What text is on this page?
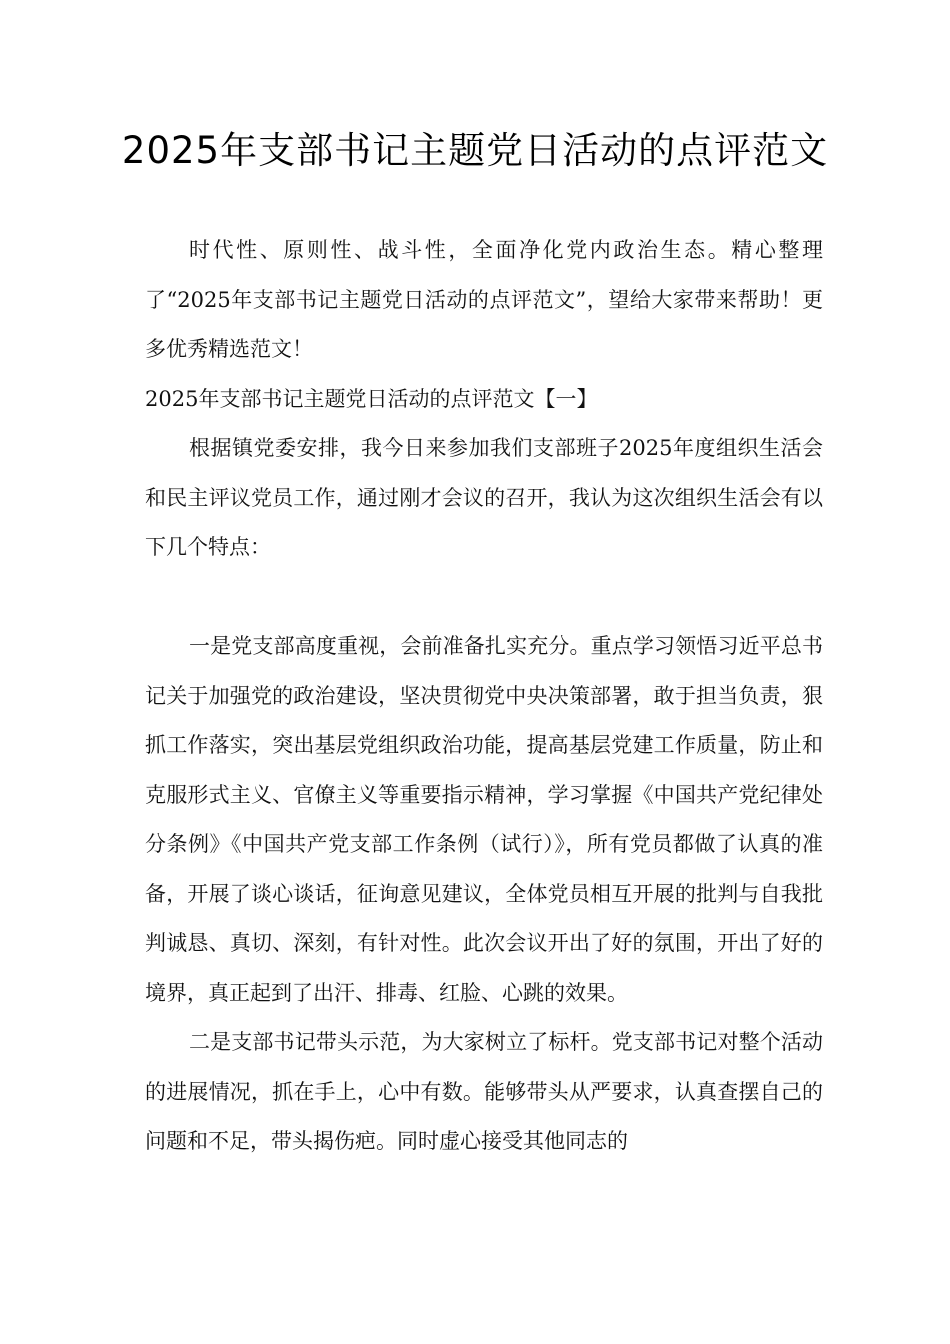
2025年支部书记主题党日活动的点评范文

时代性、原则性、战斗性，全面净化党内政治生态。精心整理了“2025年支部书记主题党日活动的点评范文”，望给大家带来帮助！更多优秀精选范文！

2025年支部书记主题党日活动的点评范文【一】

根据镇党委安排，我今日来参加我们支部班子2025年度组织生活会和民主评议党员工作，通过刚才会议的召开，我认为这次组织生活会有以下几个特点：

一是党支部高度重视，会前准备扎实充分。重点学习领悟习近平总书记关于加强党的政治建设，坚决贯彻党中央决策部署，敢于担当负责，狠抓工作落实，突出基层党组织政治功能，提高基层党建工作质量，防止和克服形式主义、官僚主义等重要指示精神，学习掌握《中国共产党纪律处分条例》《中国共产党支部工作条例（试行）》，所有党员都做了认真的准备，开展了谈心谈话，征询意见建议，全体党员相互开展的批判与自我批判诚恳、真切、深刻，有针对性。此次会议开出了好的氛围，开出了好的境界，真正起到了出汗、排毒、红脸、心跳的效果。

二是支部书记带头示范，为大家树立了标杆。党支部书记对整个活动的进展情况，抓在手上，心中有数。能够带头从严要求，认真查摆自己的问题和不足，带头揭伤疤。同时虚心接受其他同志的
